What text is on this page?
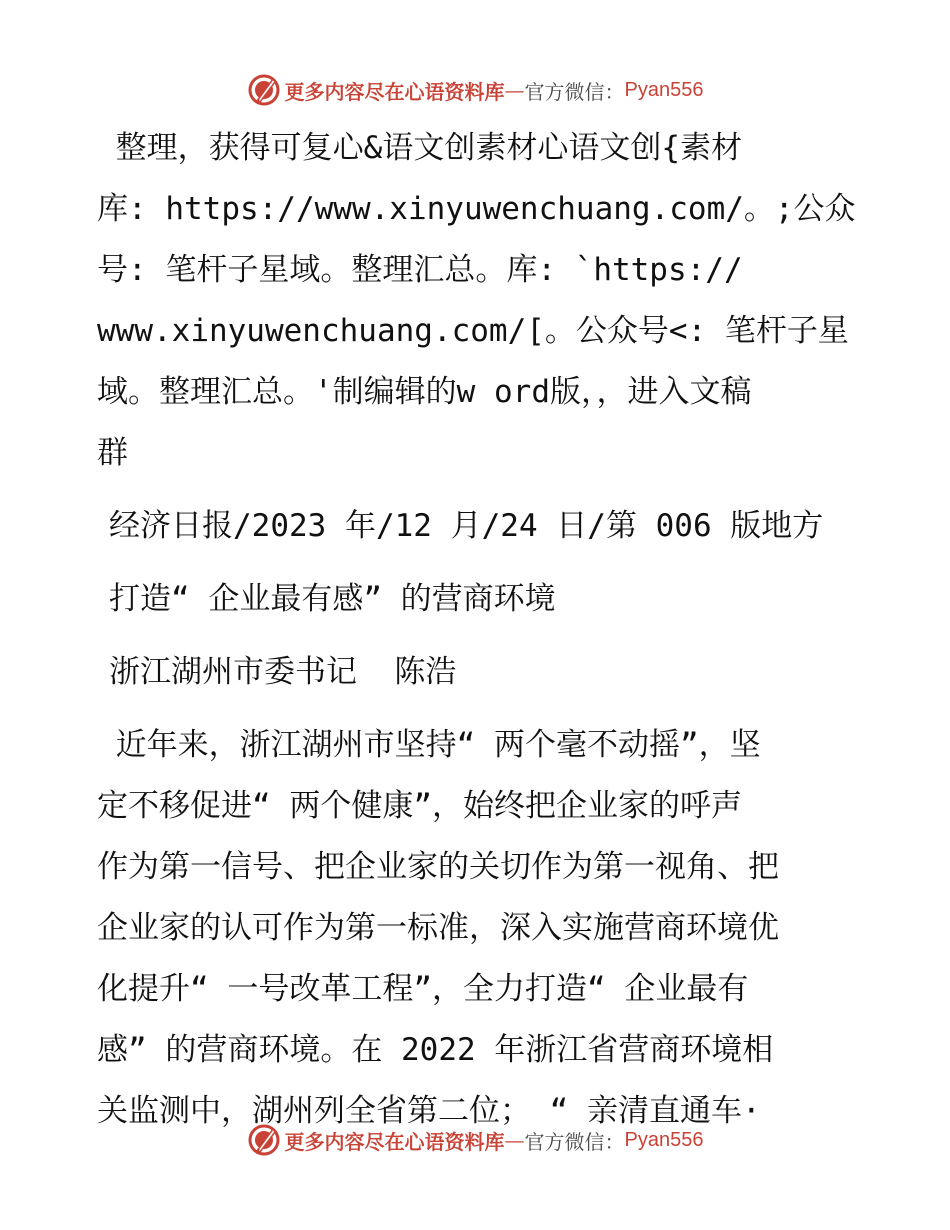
更多内容尽在心语资料库 — 官方微信： Pyan556

整理，获得可复心&语文创素材心语文创{素材

库: https://www.xinyuwenchuang.com/。;公众

号: 笔杆子星域。整理汇总。库: `https://

www.xinyuwenchuang.com/[。公众号<: 笔杆子星

域。整理汇总。'制编辑的w ord版，，进入文稿

群

经济日报/2023 年/12 月/24 日/第 006 版地方

打造“ 企业最有感” 的营商环境

浙江湖州市委书记  陈浩

近年来，浙江湖州市坚持“ 两个毫不动摇”，坚

定不移促进“ 两个健康”，始终把企业家的呼声

作为第一信号、把企业家的关切作为第一视角、把

企业家的认可作为第一标准，深入实施营商环境优

化提升“ 一号改革工程”，全力打造“ 企业最有

感” 的营商环境。在 2022 年浙江省营商环境相

关监测中，湖州列全省第二位； “ 亲清直通车·

更多内容尽在心语资料库 — 官方微信： Pyan556
